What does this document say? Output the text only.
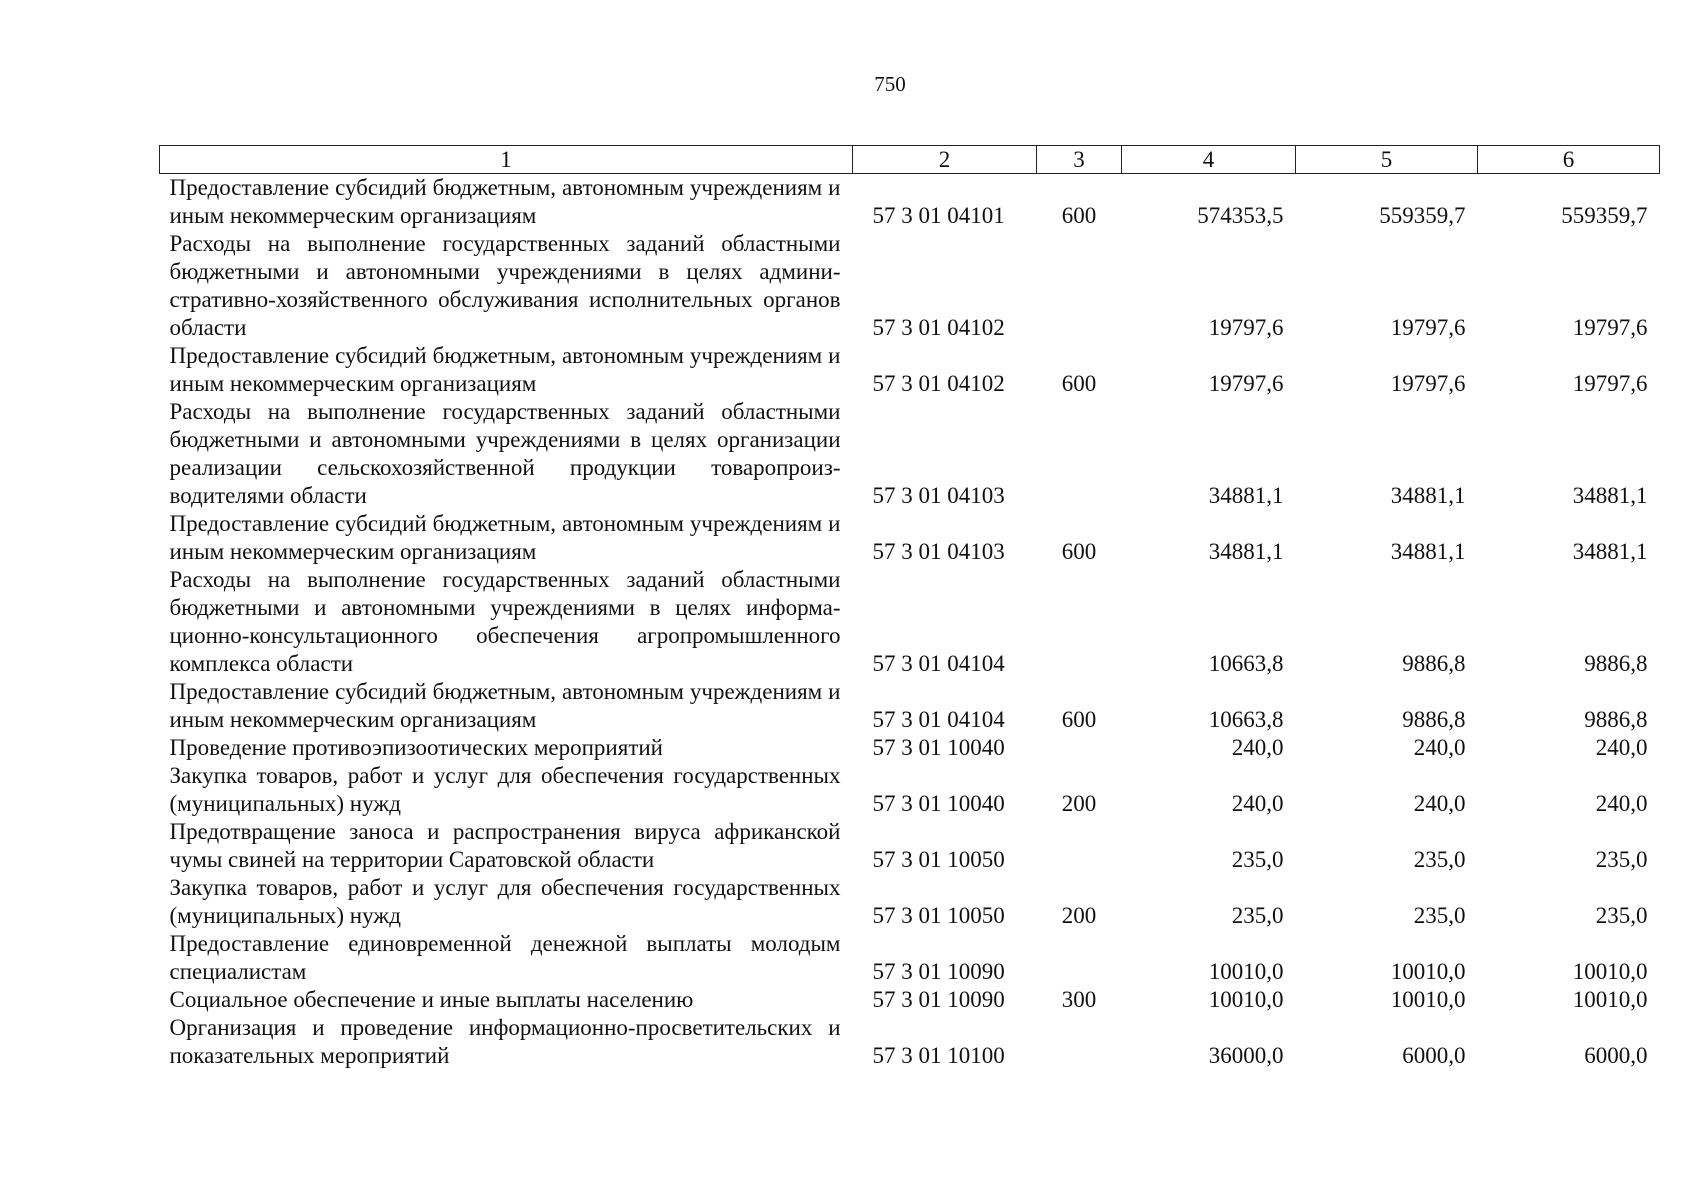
750
1	2	3	4	5	6
Предоставление субсидий бюджетным, автономным учреждениям и иным некоммерческим организациям	57 3 01 04101	600	574353,5	559359,7	559359,7
Расходы на выполнение государственных заданий областными бюджетными и автономными учреждениями в целях административно-хозяйственного обслуживания исполнительных органов области	57 3 01 04102		19797,6	19797,6	19797,6
Предоставление субсидий бюджетным, автономным учреждениям и иным некоммерческим организациям	57 3 01 04102	600	19797,6	19797,6	19797,6
Расходы на выполнение государственных заданий областными бюджетными и автономными учреждениями в целях организации реализации сельскохозяйственной продукции товаропроизводителями области	57 3 01 04103		34881,1	34881,1	34881,1
Предоставление субсидий бюджетным, автономным учреждениям и иным некоммерческим организациям	57 3 01 04103	600	34881,1	34881,1	34881,1
Расходы на выполнение государственных заданий областными бюджетными и автономными учреждениями в целях информационно-консультационного обеспечения агропромышленного комплекса области	57 3 01 04104		10663,8	9886,8	9886,8
Предоставление субсидий бюджетным, автономным учреждениям и иным некоммерческим организациям	57 3 01 04104	600	10663,8	9886,8	9886,8
Проведение противоэпизоотических мероприятий	57 3 01 10040		240,0	240,0	240,0
Закупка товаров, работ и услуг для обеспечения государственных (муниципальных) нужд	57 3 01 10040	200	240,0	240,0	240,0
Предотвращение заноса и распространения вируса африканской чумы свиней на территории Саратовской области	57 3 01 10050		235,0	235,0	235,0
Закупка товаров, работ и услуг для обеспечения государственных (муниципальных) нужд	57 3 01 10050	200	235,0	235,0	235,0
Предоставление единовременной денежной выплаты молодым специалистам	57 3 01 10090		10010,0	10010,0	10010,0
Социальное обеспечение и иные выплаты населению	57 3 01 10090	300	10010,0	10010,0	10010,0
Организация и проведение информационно-просветительских и показательных мероприятий	57 3 01 10100		36000,0	6000,0	6000,0
